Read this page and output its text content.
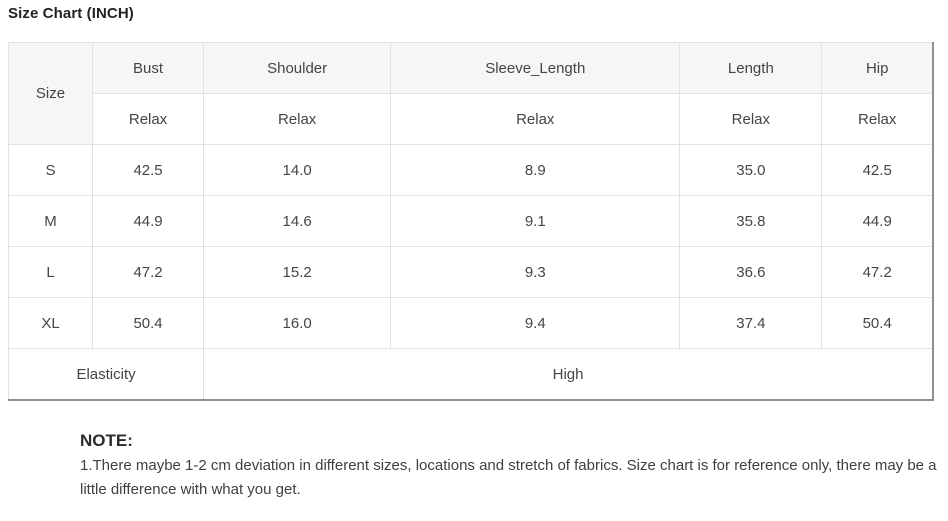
Size Chart (INCH)
Size	Bust	Shoulder	Sleeve_Length	Length	Hip
	Relax	Relax	Relax	Relax	Relax
S	42.5	14.0	8.9	35.0	42.5
M	44.9	14.6	9.1	35.8	44.9
L	47.2	15.2	9.3	36.6	47.2
XL	50.4	16.0	9.4	37.4	50.4
Elasticity		High			
NOTE:

1.There maybe 1-2 cm deviation in different sizes, locations and stretch of fabrics. Size chart is for reference only, there may be a little difference with what you get.
